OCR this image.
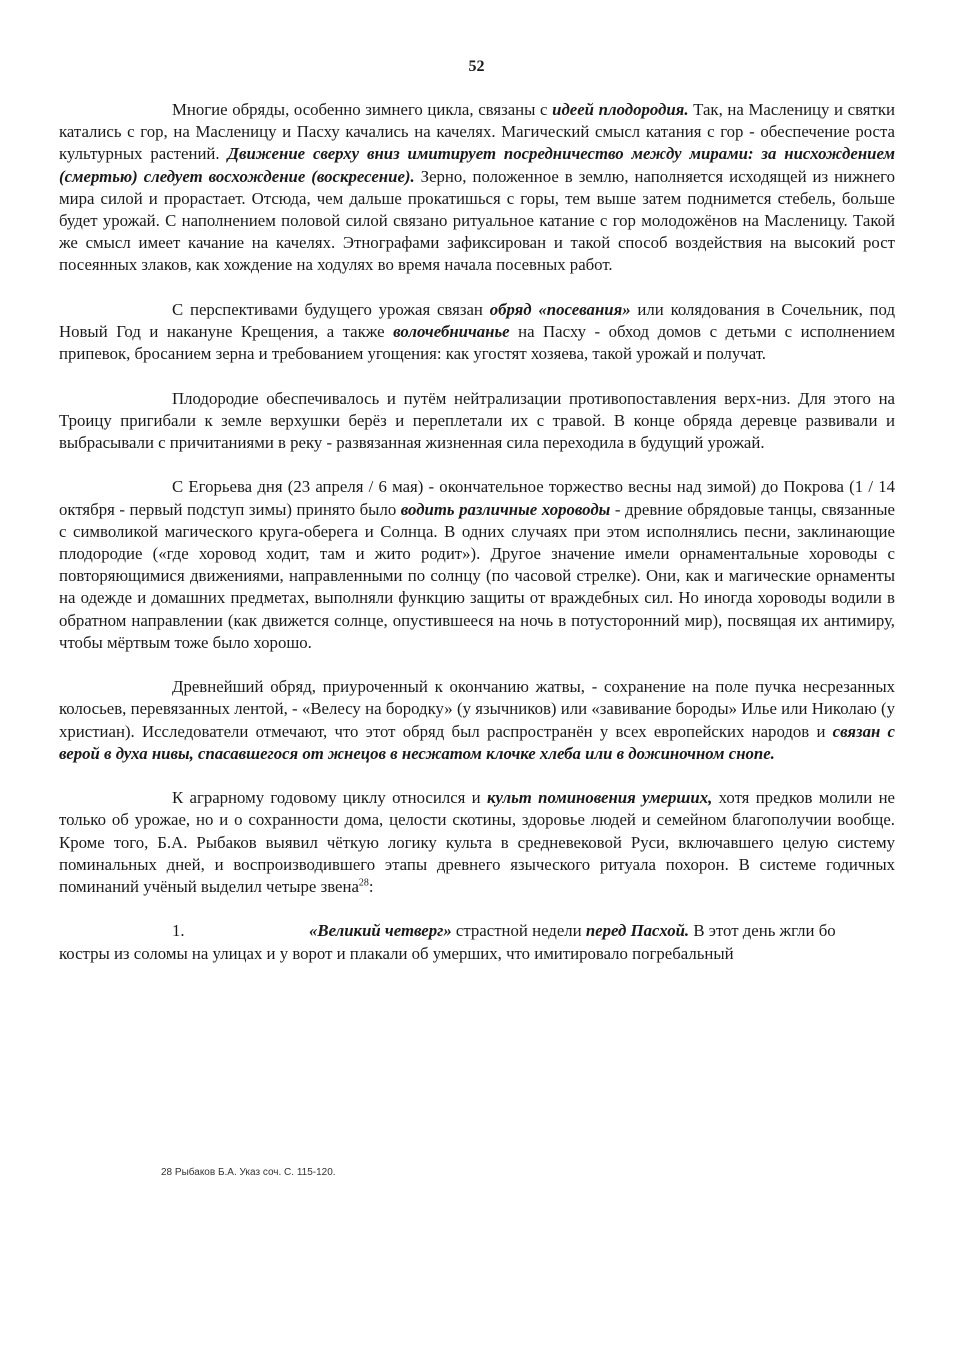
52

Многие обряды, особенно зимнего цикла, связаны с идеей плодородия. Так, на Масленицу и святки катались с гор, на Масленицу и Пасху качались на качелях. Магический смысл катания с гор - обеспечение роста культурных растений. Движение сверху вниз имитирует посредничество между мирами: за нисхождением (смертью) следует восхождение (воскресение). Зерно, положенное в землю, наполняется исходящей из нижнего мира силой и прорастает. Отсюда, чем дальше прокатишься с горы, тем выше затем поднимется стебель, больше будет урожай. С наполнением половой силой связано ритуальное катание с гор молодожёнов на Масленицу. Такой же смысл имеет качание на качелях. Этнографами зафиксирован и такой способ воздействия на высокий рост посеянных злаков, как хождение на ходулях во время начала посевных работ.

С перспективами будущего урожая связан обряд «посевания» или колядования в Сочельник, под Новый Год и накануне Крещения, а также волочебничанье на Пасху - обход домов с детьми с исполнением припевок, бросанием зерна и требованием угощения: как угостят хозяева, такой урожай и получат.

Плодородие обеспечивалось и путём нейтрализации противопоставления верх-низ. Для этого на Троицу пригибали к земле верхушки берёз и переплетали их с травой. В конце обряда деревце развивали и выбрасывали с причитаниями в реку - развязанная жизненная сила переходила в будущий урожай.

С Егорьева дня (23 апреля / 6 мая) - окончательное торжество весны над зимой) до Покрова (1 / 14 октября - первый подступ зимы) принято было водить различные хороводы - древние обрядовые танцы, связанные с символикой магического круга-оберега и Солнца. В одних случаях при этом исполнялись песни, заклинающие плодородие («где хоровод ходит, там и жито родит»). Другое значение имели орнаментальные хороводы с повторяющимися движениями, направленными по солнцу (по часовой стрелке). Они, как и магические орнаменты на одежде и домашних предметах, выполняли функцию защиты от враждебных сил. Но иногда хороводы водили в обратном направлении (как движется солнце, опустившееся на ночь в потусторонний мир), посвящая их антимиру, чтобы мёртвым тоже было хорошо.

Древнейший обряд, приуроченный к окончанию жатвы, - сохранение на поле пучка несрезанных колосьев, перевязанных лентой, - «Велесу на бородку» (у язычников) или «завивание бороды» Илье или Николаю (у христиан). Исследователи отмечают, что этот обряд был распространён у всех европейских народов и связан с верой в духа нивы, спасавшегося от жнецов в несжатом клочке хлеба или в дожиночном снопе.

К аграрному годовому циклу относился и культ поминовения умерших, хотя предков молили не только об урожае, но и о сохранности дома, целости скотины, здоровье людей и семейном благополучии вообще. Кроме того, Б.А. Рыбаков выявил чёткую логику культа в средневековой Руси, включавшего целую систему поминальных дней, и воспроизводившего этапы древнего языческого ритуала похорон. В системе годичных поминаний учёный выделил четыре звена$^{28}$:

1.	«Великий четверг» страстной недели перед Пасхой. В этот день жгли бо

костры из соломы на улицах и у ворот и плакали об умерших, что имитировало погребальный

28 Рыбаков Б.А. Указ соч. С. 115-120.
